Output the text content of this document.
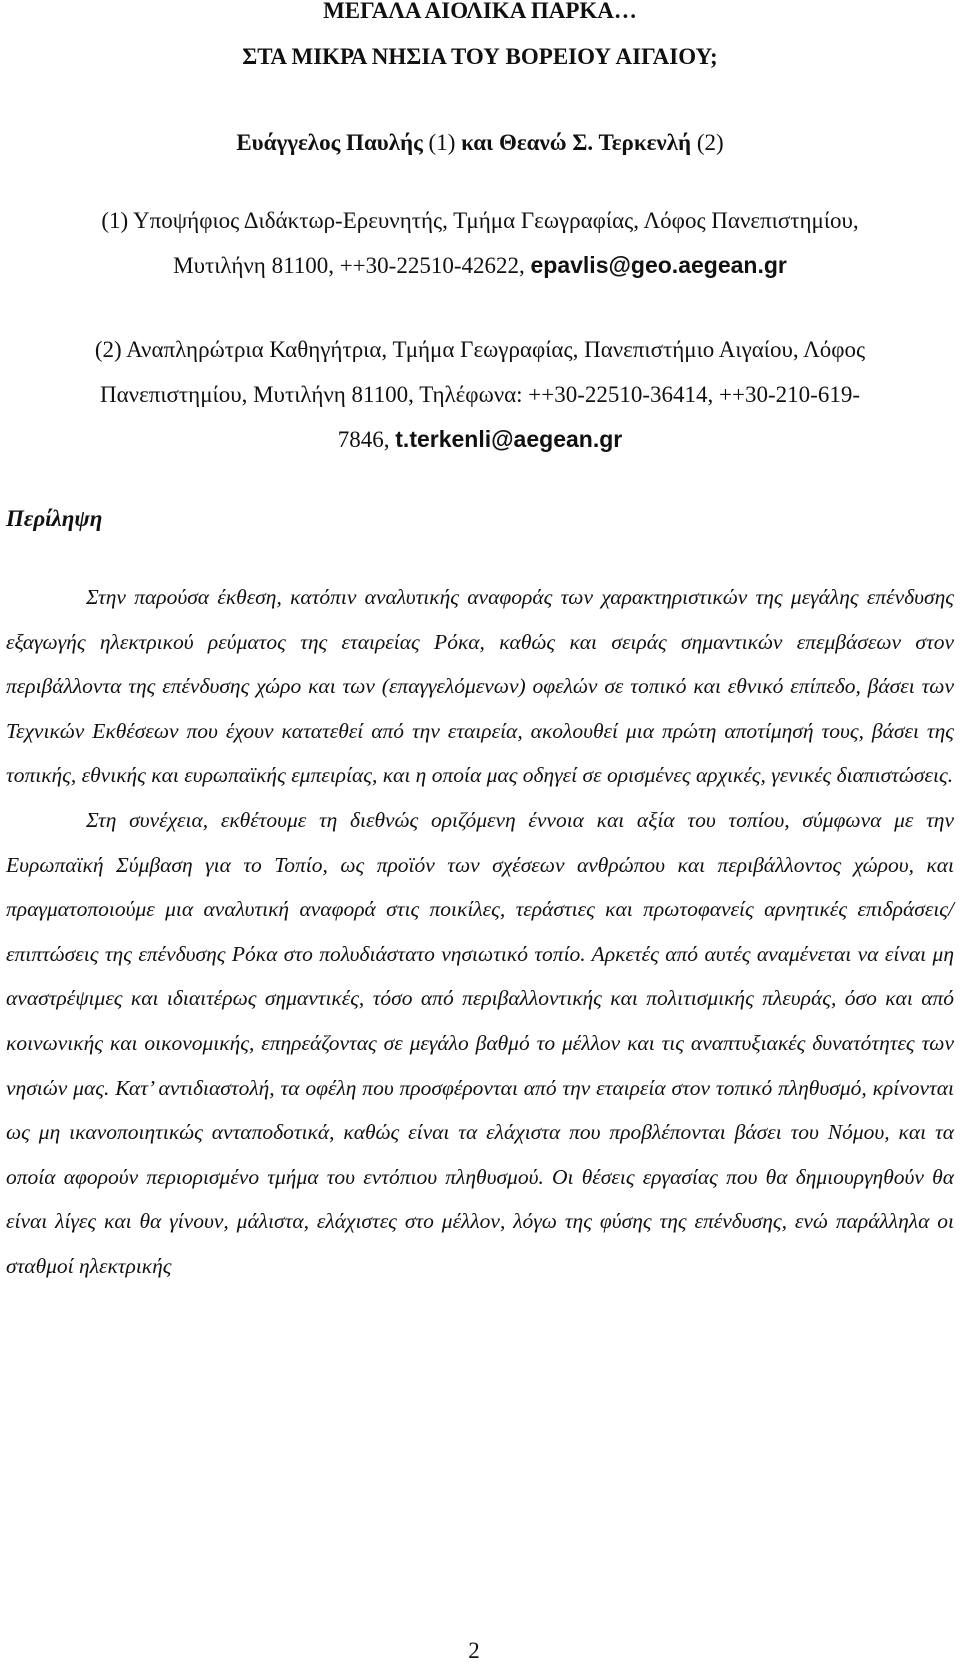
ΜΕΓΑΛΑ ΑΙΟΛΙΚΑ ΠΑΡΚΑ…

ΣΤΑ ΜΙΚΡΑ ΝΗΣΙΑ ΤΟΥ ΒΟΡΕΙΟΥ ΑΙΓΑΙΟΥ;

Ευάγγελος Παυλής (1) και Θεανώ Σ. Τερκενλή (2)
(1) Υποψήφιος Διδάκτωρ-Ερευνητής, Τμήμα Γεωγραφίας, Λόφος Πανεπιστημίου,
Μυτιλήνη 81100, ++30-22510-42622, epavlis@geo.aegean.gr
(2) Αναπληρώτρια Καθηγήτρια, Τμήμα Γεωγραφίας, Πανεπιστήμιο Αιγαίου, Λόφος
Πανεπιστημίου, Μυτιλήνη 81100, Τηλέφωνα: ++30-22510-36414, ++30-210-619-
7846, t.terkenli@aegean.gr

Περίληψη

Στην παρούσα έκθεση, κατόπιν αναλυτικής αναφοράς των χαρακτηριστικών της μεγάλης επένδυσης εξαγωγής ηλεκτρικού ρεύματος της εταιρείας Ρόκα, καθώς και σειράς σημαντικών επεμβάσεων στον περιβάλλοντα της επένδυσης χώρο και των (επαγγελόμενων) οφελών σε τοπικό και εθνικό επίπεδο, βάσει των Τεχνικών Εκθέσεων που έχουν κατατεθεί από την εταιρεία, ακολουθεί μια πρώτη αποτίμησή τους, βάσει της τοπικής, εθνικής και ευρωπαϊκής εμπειρίας, και η οποία μας οδηγεί σε ορισμένες αρχικές, γενικές διαπιστώσεις.

Στη συνέχεια, εκθέτουμε τη διεθνώς οριζόμενη έννοια και αξία του τοπίου, σύμφωνα με την Ευρωπαϊκή Σύμβαση για το Τοπίο, ως προϊόν των σχέσεων ανθρώπου και περιβάλλοντος χώρου, και πραγματοποιούμε μια αναλυτική αναφορά στις ποικίλες, τεράστιες και πρωτοφανείς αρνητικές επιδράσεις/ επιπτώσεις της επένδυσης Ρόκα στο πολυδιάστατο νησιωτικό τοπίο. Αρκετές από αυτές αναμένεται να είναι μη αναστρέψιμες και ιδιαιτέρως σημαντικές, τόσο από περιβαλλοντικής και πολιτισμικής πλευράς, όσο και από κοινωνικής και οικονομικής, επηρεάζοντας σε μεγάλο βαθμό το μέλλον και τις αναπτυξιακές δυνατότητες των νησιών μας. Κατ’ αντιδιαστολή, τα οφέλη που προσφέρονται από την εταιρεία στον τοπικό πληθυσμό, κρίνονται ως μη ικανοποιητικώς ανταποδοτικά, καθώς είναι τα ελάχιστα που προβλέπονται βάσει του Νόμου, και τα οποία αφορούν περιορισμένο τμήμα του εντόπιου πληθυσμού. Οι θέσεις εργασίας που θα δημιουργηθούν θα είναι λίγες και θα γίνουν, μάλιστα, ελάχιστες στο μέλλον, λόγω της φύσης της επένδυσης, ενώ παράλληλα οι σταθμοί ηλεκτρικής

2
